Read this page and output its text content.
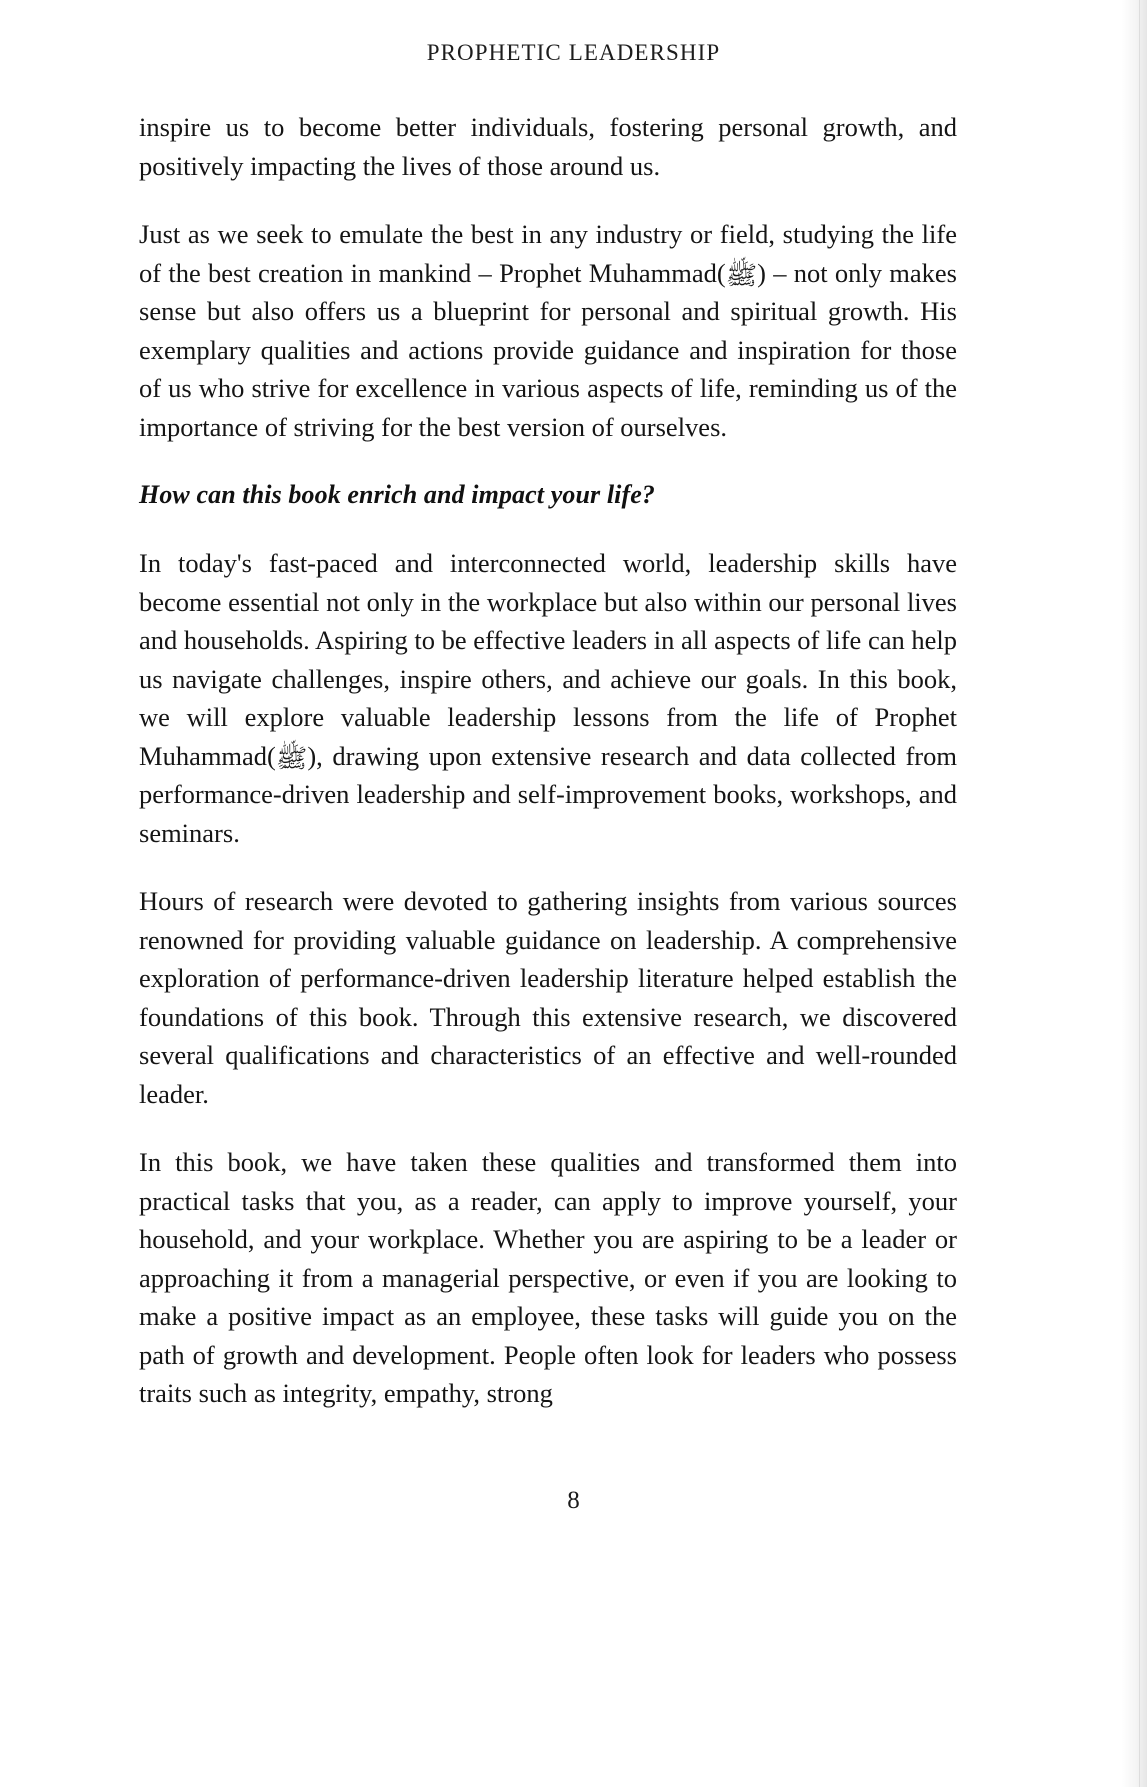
PROPHETIC LEADERSHIP

inspire us to become better individuals, fostering personal growth, and positively impacting the lives of those around us.

Just as we seek to emulate the best in any industry or field, studying the life of the best creation in mankind – Prophet Muhammad(ﷺ) – not only makes sense but also offers us a blueprint for personal and spiritual growth. His exemplary qualities and actions provide guidance and inspiration for those of us who strive for excellence in various aspects of life, reminding us of the importance of striving for the best version of ourselves.

How can this book enrich and impact your life?

In today's fast-paced and interconnected world, leadership skills have become essential not only in the workplace but also within our personal lives and households. Aspiring to be effective leaders in all aspects of life can help us navigate challenges, inspire others, and achieve our goals. In this book, we will explore valuable leadership lessons from the life of Prophet Muhammad(ﷺ), drawing upon extensive research and data collected from performance-driven leadership and self-improvement books, workshops, and seminars.

Hours of research were devoted to gathering insights from various sources renowned for providing valuable guidance on leadership. A comprehensive exploration of performance-driven leadership literature helped establish the foundations of this book. Through this extensive research, we discovered several qualifications and characteristics of an effective and well-rounded leader.

In this book, we have taken these qualities and transformed them into practical tasks that you, as a reader, can apply to improve yourself, your household, and your workplace. Whether you are aspiring to be a leader or approaching it from a managerial perspective, or even if you are looking to make a positive impact as an employee, these tasks will guide you on the path of growth and development. People often look for leaders who possess traits such as integrity, empathy, strong

8
